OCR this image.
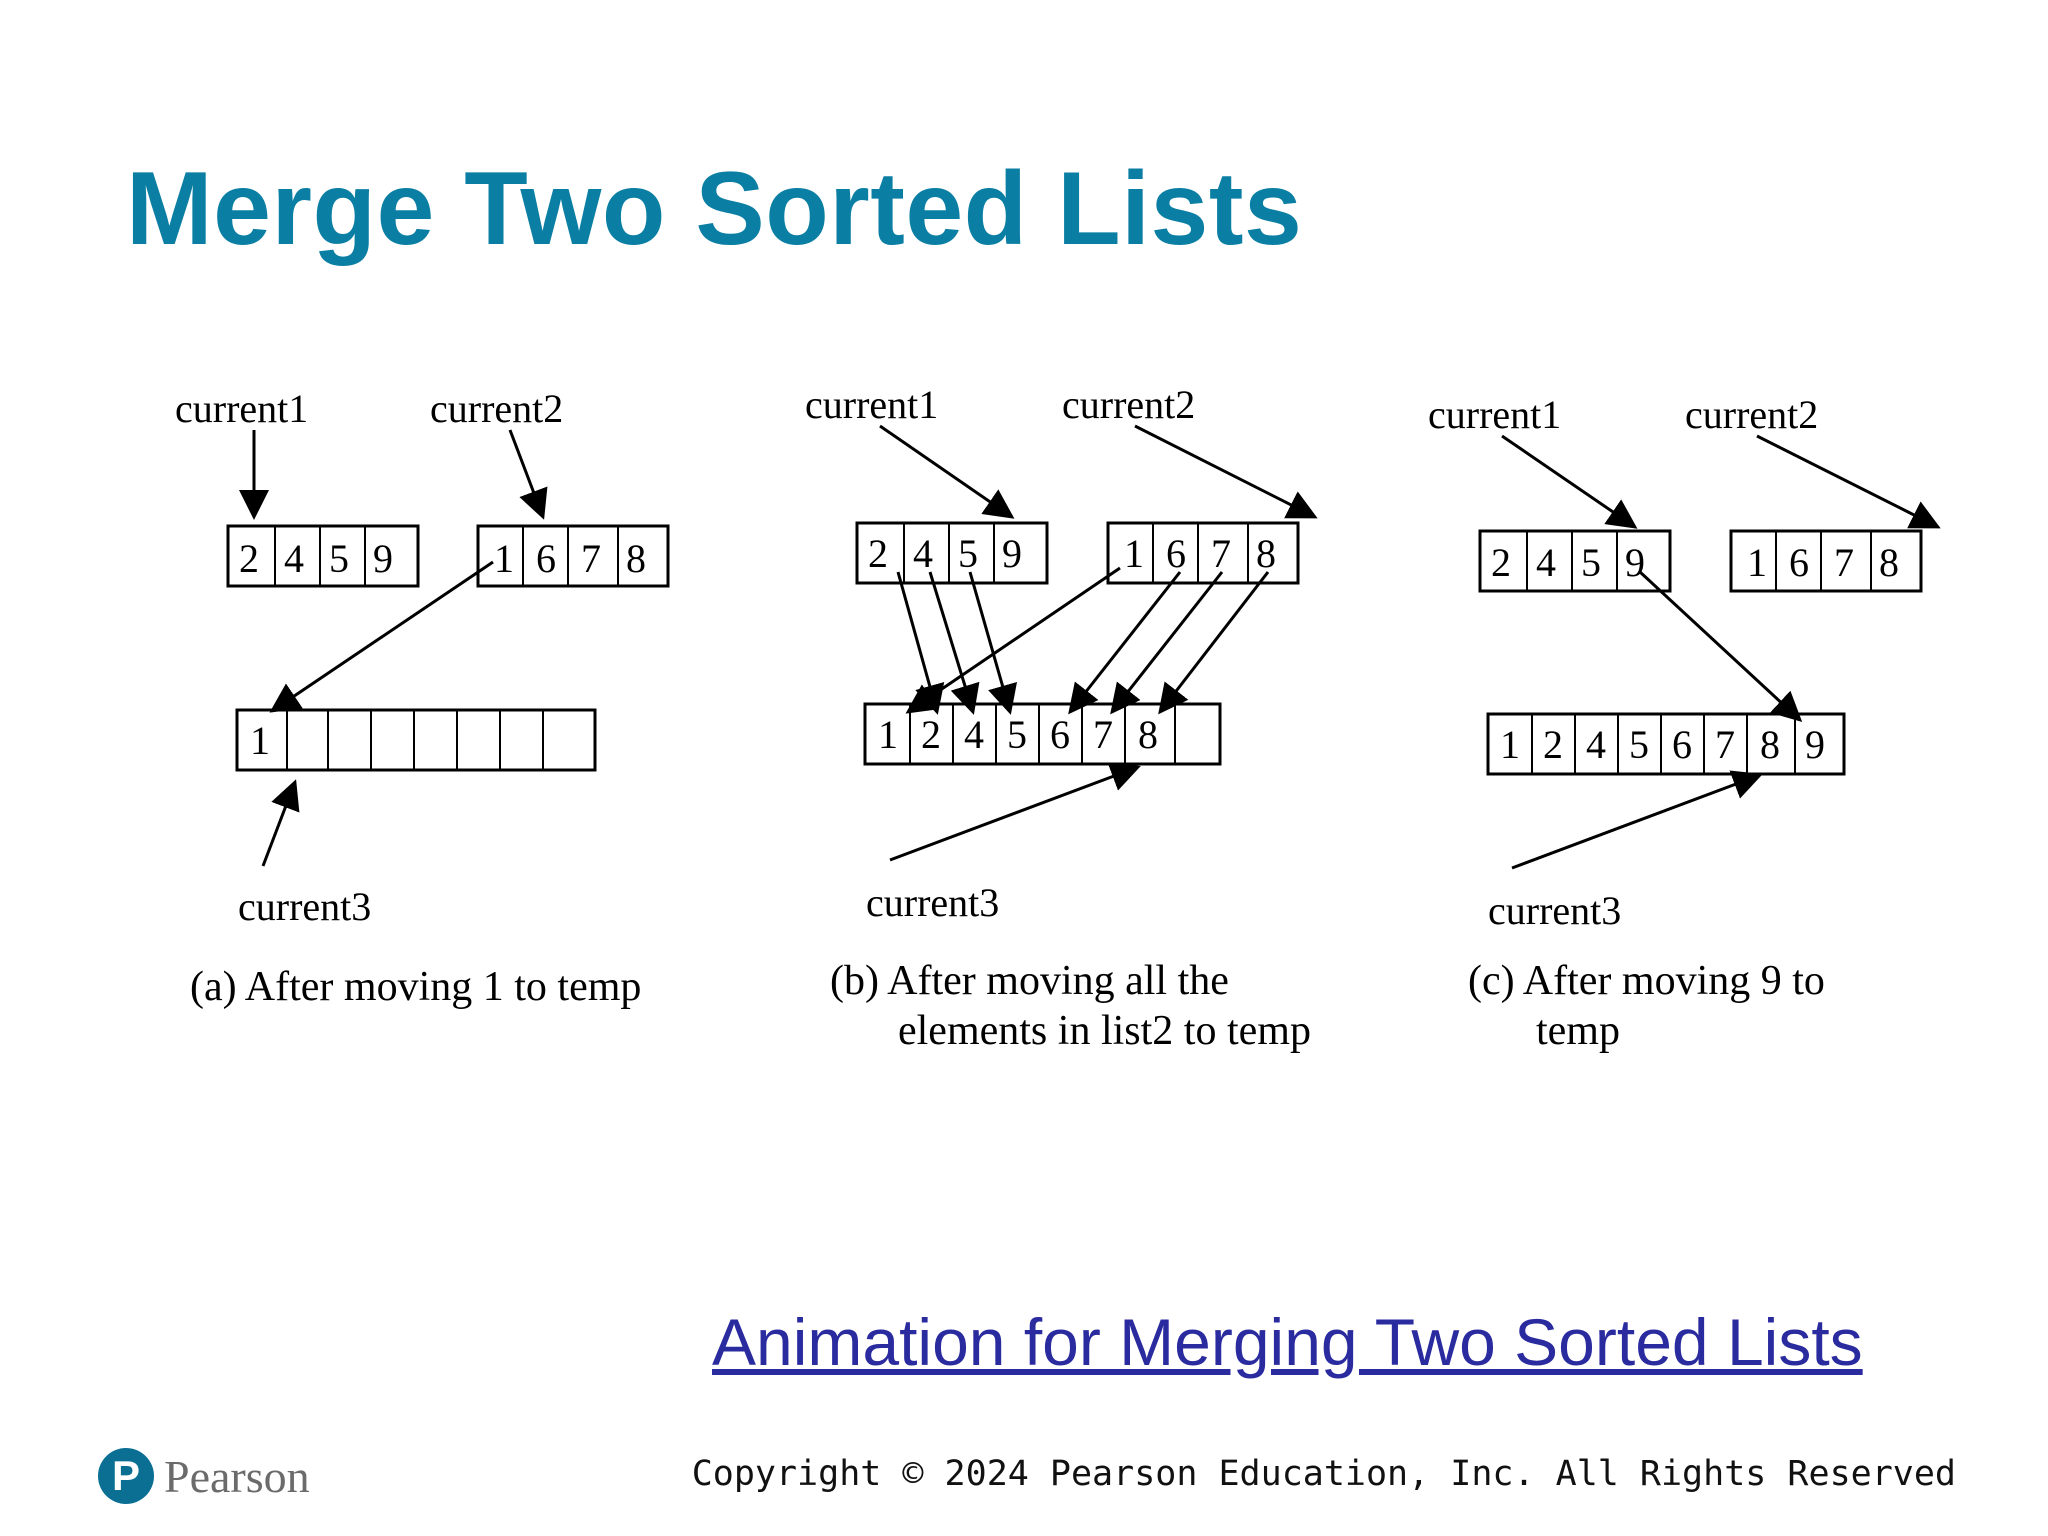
Merge Two Sorted Lists
current1	current2
2 4 5 9	1 6 7 8
1
current3
(a) After moving 1 to temp
current1	current2
2 4 5 9	1 6 7 8
1 2 4 5 6 7 8
current3
(b) After moving all the
elements in list2 to temp
current1	current2
2 4 5 9	1 6 7 8
1 2 4 5 6 7 8 9
current3
(c) After moving 9 to
temp
Animation for Merging Two Sorted Lists
P Pearson	Copyright © 2024 Pearson Education, Inc. All Rights Reserved
